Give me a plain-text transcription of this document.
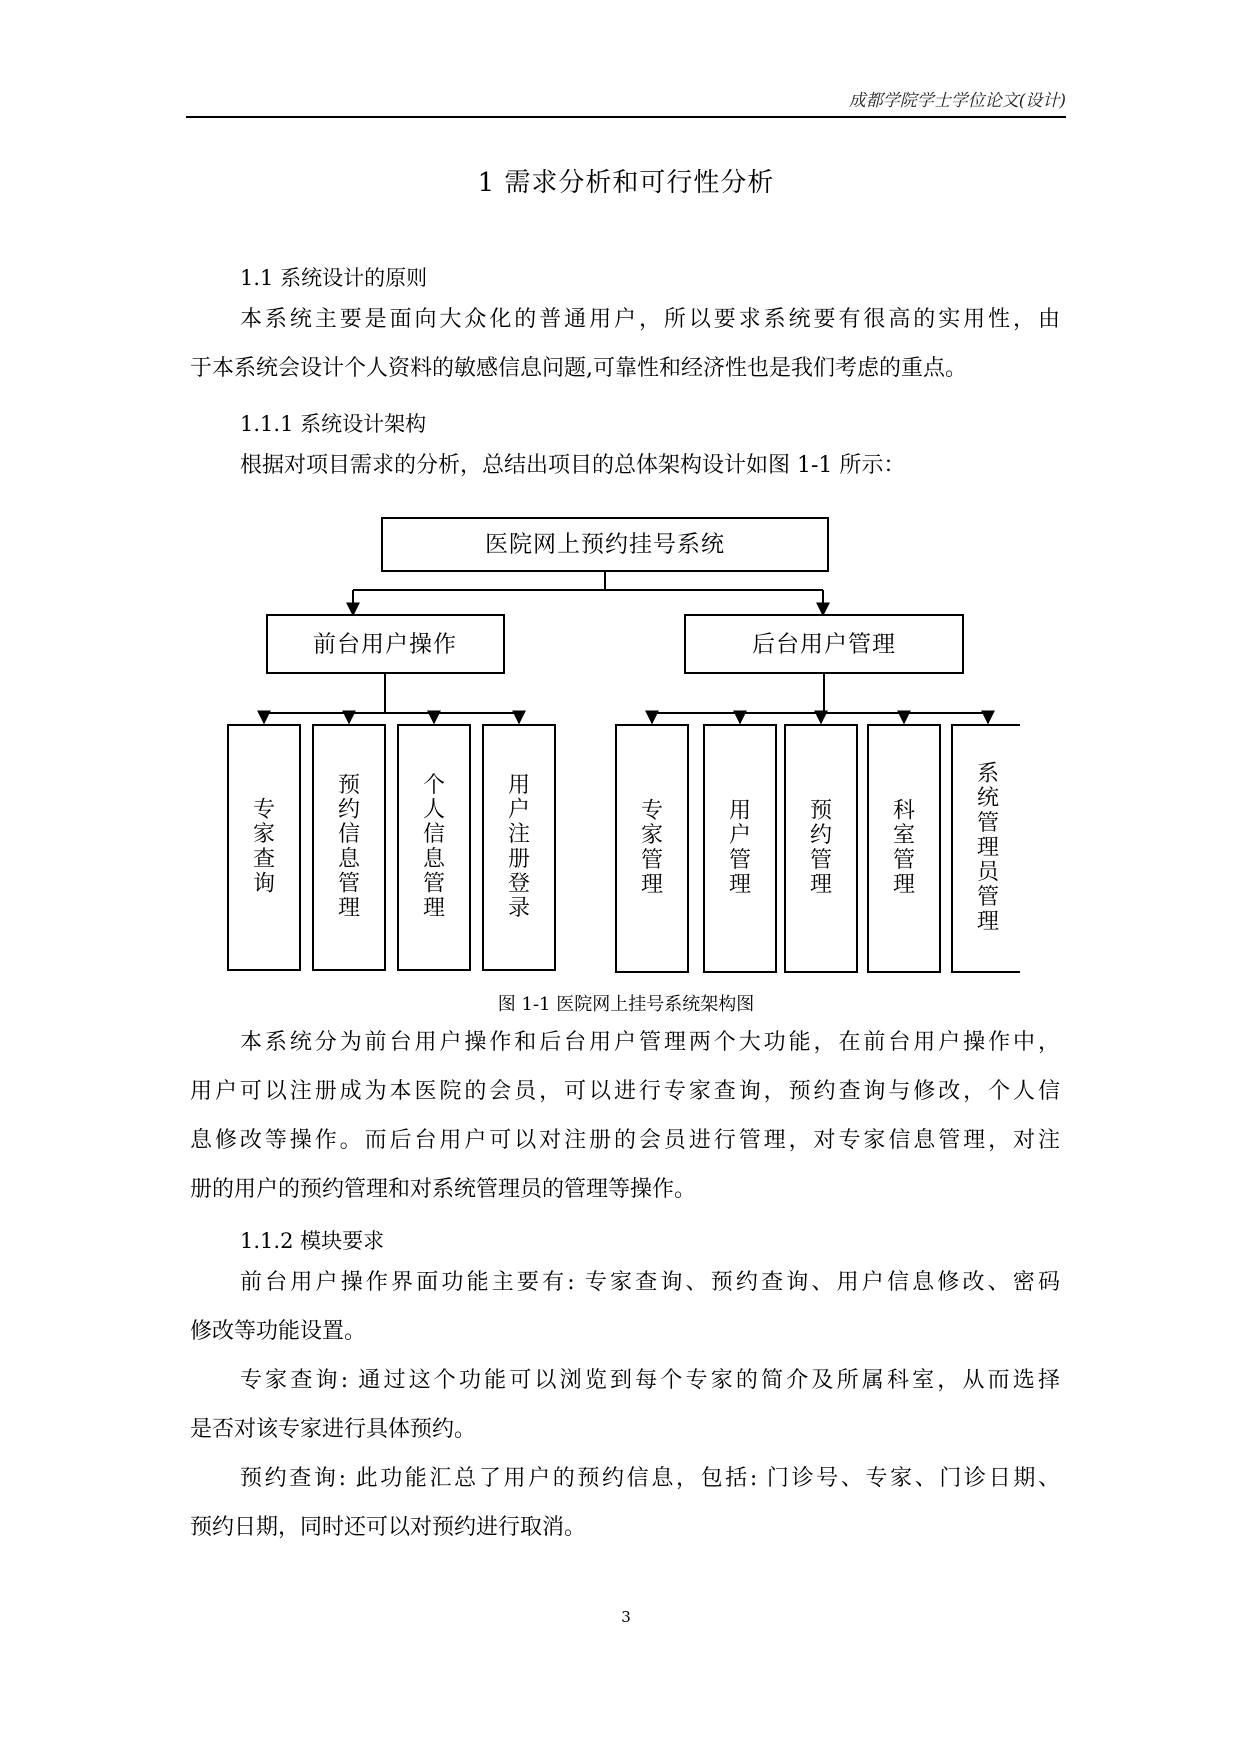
成都学院学士学位论文(设计)
1 需求分析和可行性分析
1.1 系统设计的原则
本系统主要是面向大众化的普通用户，所以要求系统要有很高的实用性，由
于本系统会设计个人资料的敏感信息问题,可靠性和经济性也是我们考虑的重点。
1.1.1 系统设计架构
根据对项目需求的分析，总结出项目的总体架构设计如图 1-1 所示：
医院网上预约挂号系统
前台用户操作	后台用户管理
专家查询
预约信息管理
个人信息管理
用户注册登录
专家管理
用户管理
预约管理
科室管理
系统管理员管理
图 1-1 医院网上挂号系统架构图
本系统分为前台用户操作和后台用户管理两个大功能，在前台用户操作中，
用户可以注册成为本医院的会员，可以进行专家查询，预约查询与修改，个人信
息修改等操作。而后台用户可以对注册的会员进行管理，对专家信息管理，对注
册的用户的预约管理和对系统管理员的管理等操作。
1.1.2 模块要求
前台用户操作界面功能主要有: 专家查询、预约查询、用户信息修改、密码
修改等功能设置。
专家查询: 通过这个功能可以浏览到每个专家的简介及所属科室，从而选择
是否对该专家进行具体预约。
预约查询: 此功能汇总了用户的预约信息，包括: 门诊号、专家、门诊日期、
预约日期，同时还可以对预约进行取消。
3
